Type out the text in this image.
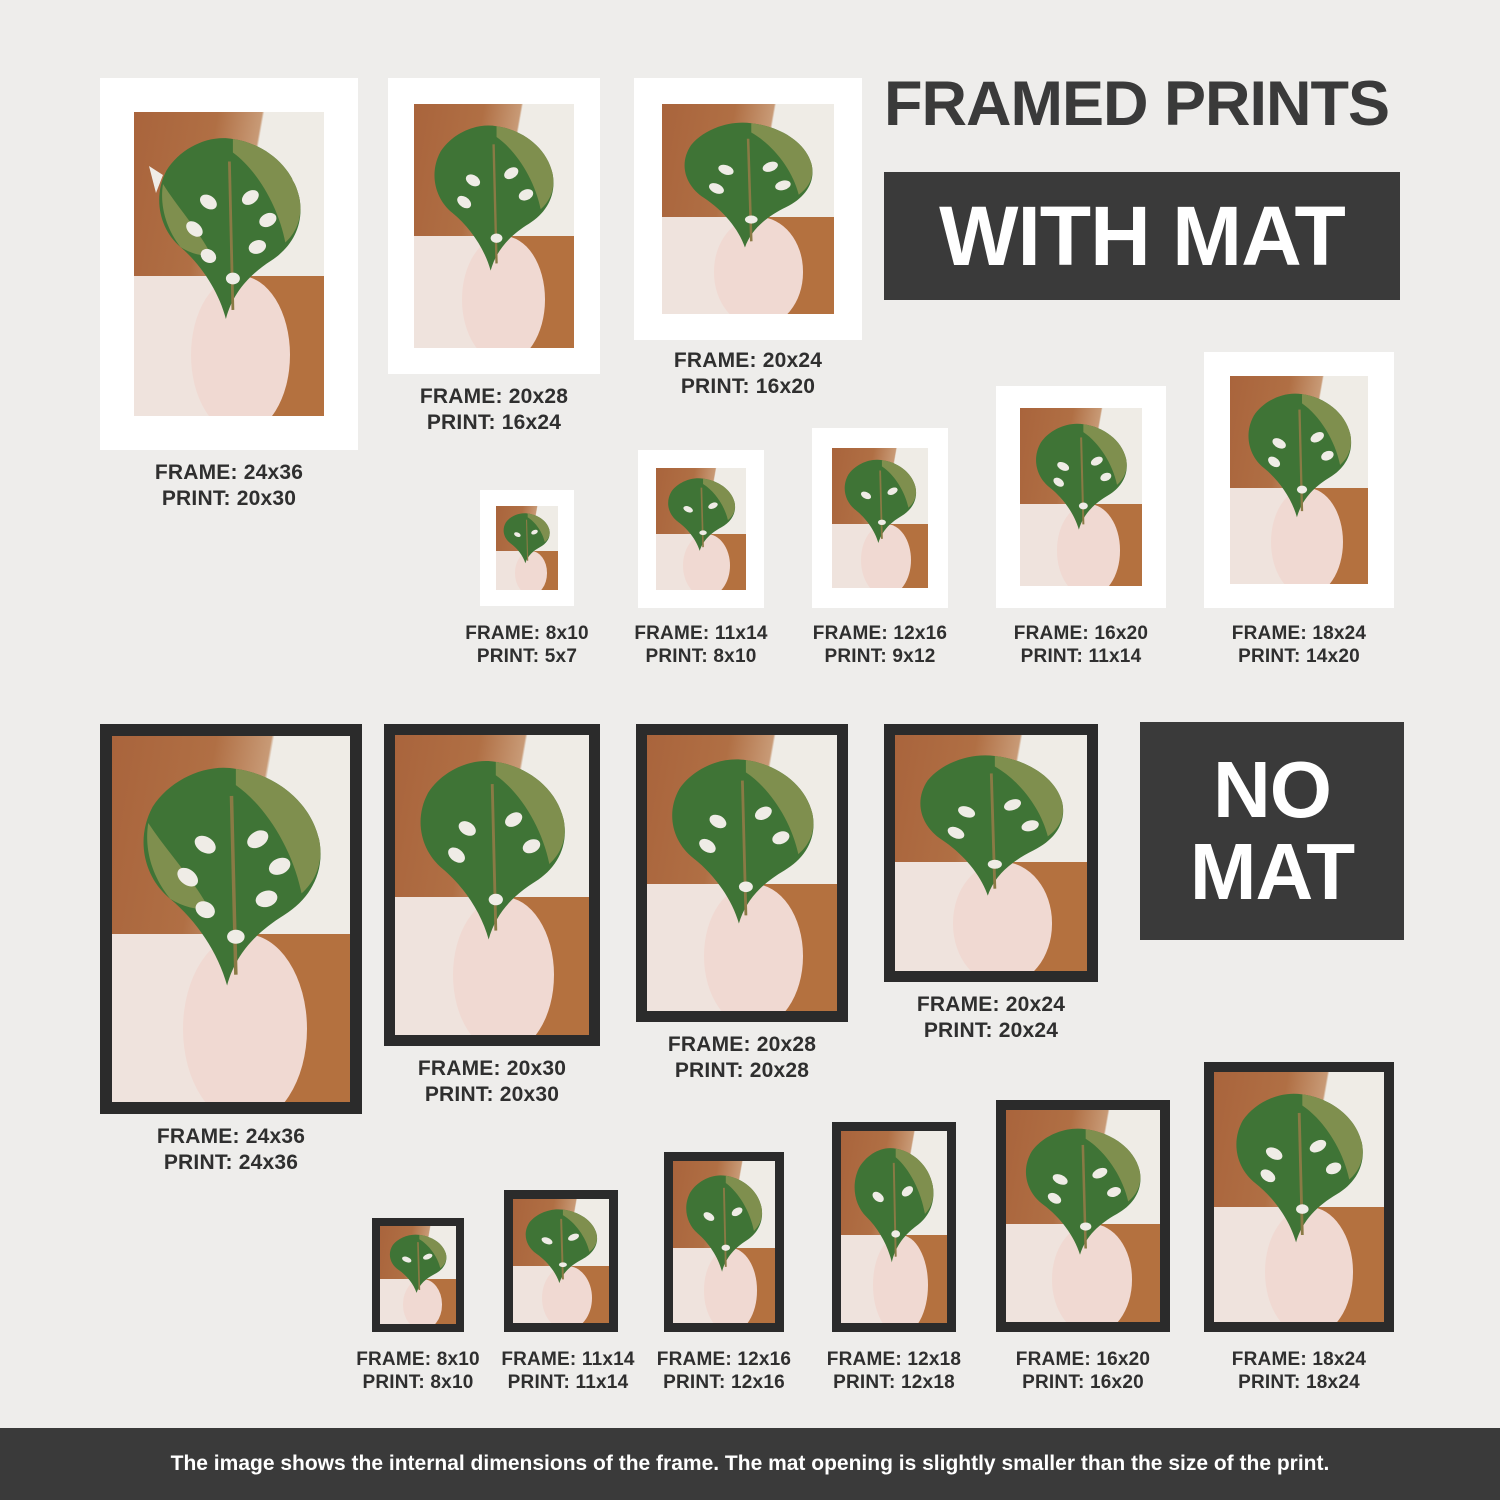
FRAME: 24x36
PRINT: 20x30
FRAME: 20x28
PRINT: 16x24
FRAME: 20x24
PRINT: 16x20
FRAME: 8x10
PRINT: 5x7
FRAME: 11x14
PRINT: 8x10
FRAME: 12x16
PRINT: 9x12
FRAME: 16x20
PRINT: 11x14
FRAME: 18x24
PRINT: 14x20
FRAMED PRINTS
WITH MAT
NO
MAT
FRAME: 24x36
PRINT: 24x36
FRAME: 20x30
PRINT: 20x30
FRAME: 20x28
PRINT: 20x28
FRAME: 20x24
PRINT: 20x24
FRAME: 8x10
PRINT: 8x10
FRAME: 11x14
PRINT: 11x14
FRAME: 12x16
PRINT: 12x16
FRAME: 12x18
PRINT: 12x18
FRAME: 16x20
PRINT: 16x20
FRAME: 18x24
PRINT: 18x24
The image shows the internal dimensions of the frame. The mat opening is slightly smaller than the size of the print.
